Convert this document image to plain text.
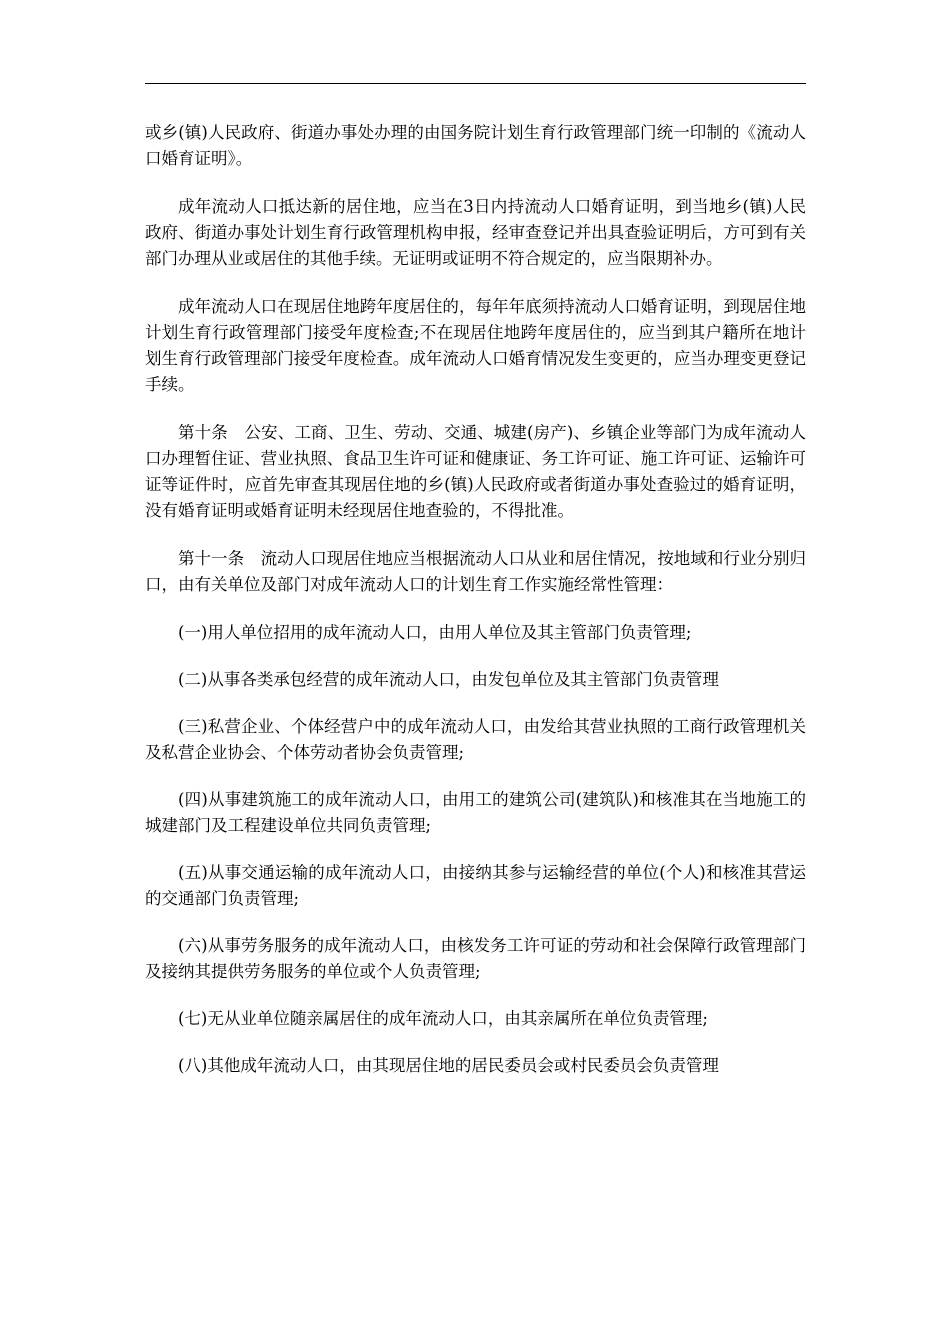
或乡(镇)人民政府、街道办事处办理的由国务院计划生育行政管理部门统一印制的《流动人口婚育证明》。

成年流动人口抵达新的居住地，应当在3日内持流动人口婚育证明，到当地乡(镇)人民政府、街道办事处计划生育行政管理机构申报，经审查登记并出具查验证明后，方可到有关部门办理从业或居住的其他手续。无证明或证明不符合规定的，应当限期补办。

成年流动人口在现居住地跨年度居住的，每年年底须持流动人口婚育证明，到现居住地计划生育行政管理部门接受年度检查;不在现居住地跨年度居住的，应当到其户籍所在地计划生育行政管理部门接受年度检查。成年流动人口婚育情况发生变更的，应当办理变更登记手续。

第十条　公安、工商、卫生、劳动、交通、城建(房产)、乡镇企业等部门为成年流动人口办理暂住证、营业执照、食品卫生许可证和健康证、务工许可证、施工许可证、运输许可证等证件时，应首先审查其现居住地的乡(镇)人民政府或者街道办事处查验过的婚育证明，没有婚育证明或婚育证明未经现居住地查验的，不得批准。

第十一条　流动人口现居住地应当根据流动人口从业和居住情况，按地域和行业分别归口，由有关单位及部门对成年流动人口的计划生育工作实施经常性管理：

(一)用人单位招用的成年流动人口，由用人单位及其主管部门负责管理;

(二)从事各类承包经营的成年流动人口，由发包单位及其主管部门负责管理

(三)私营企业、个体经营户中的成年流动人口，由发给其营业执照的工商行政管理机关及私营企业协会、个体劳动者协会负责管理;

(四)从事建筑施工的成年流动人口，由用工的建筑公司(建筑队)和核准其在当地施工的城建部门及工程建设单位共同负责管理;

(五)从事交通运输的成年流动人口，由接纳其参与运输经营的单位(个人)和核准其营运的交通部门负责管理;

(六)从事劳务服务的成年流动人口，由核发务工许可证的劳动和社会保障行政管理部门及接纳其提供劳务服务的单位或个人负责管理;

(七)无从业单位随亲属居住的成年流动人口，由其亲属所在单位负责管理;

(八)其他成年流动人口，由其现居住地的居民委员会或村民委员会负责管理
